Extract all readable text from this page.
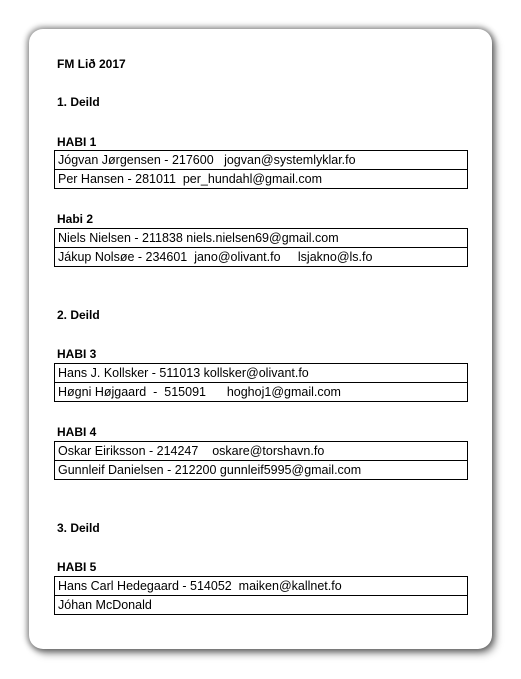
FM Lið 2017
1. Deild
HABI 1
Jógvan Jørgensen - 217600   jogvan@systemlyklar.fo
Per Hansen - 281011  per_hundahl@gmail.com
Habi 2
Niels Nielsen - 211838 niels.nielsen69@gmail.com
Jákup Nolsøe - 234601  jano@olivant.fo     lsjakno@ls.fo
2. Deild
HABI 3
Hans J. Kollsker - 511013 kollsker@olivant.fo
Høgni Højgaard  -  515091      hoghoj1@gmail.com
HABI 4
Oskar Eiriksson - 214247    oskare@torshavn.fo
Gunnleif Danielsen - 212200 gunnleif5995@gmail.com
3. Deild
HABI 5
Hans Carl Hedegaard - 514052  maiken@kallnet.fo
Jóhan McDonald
